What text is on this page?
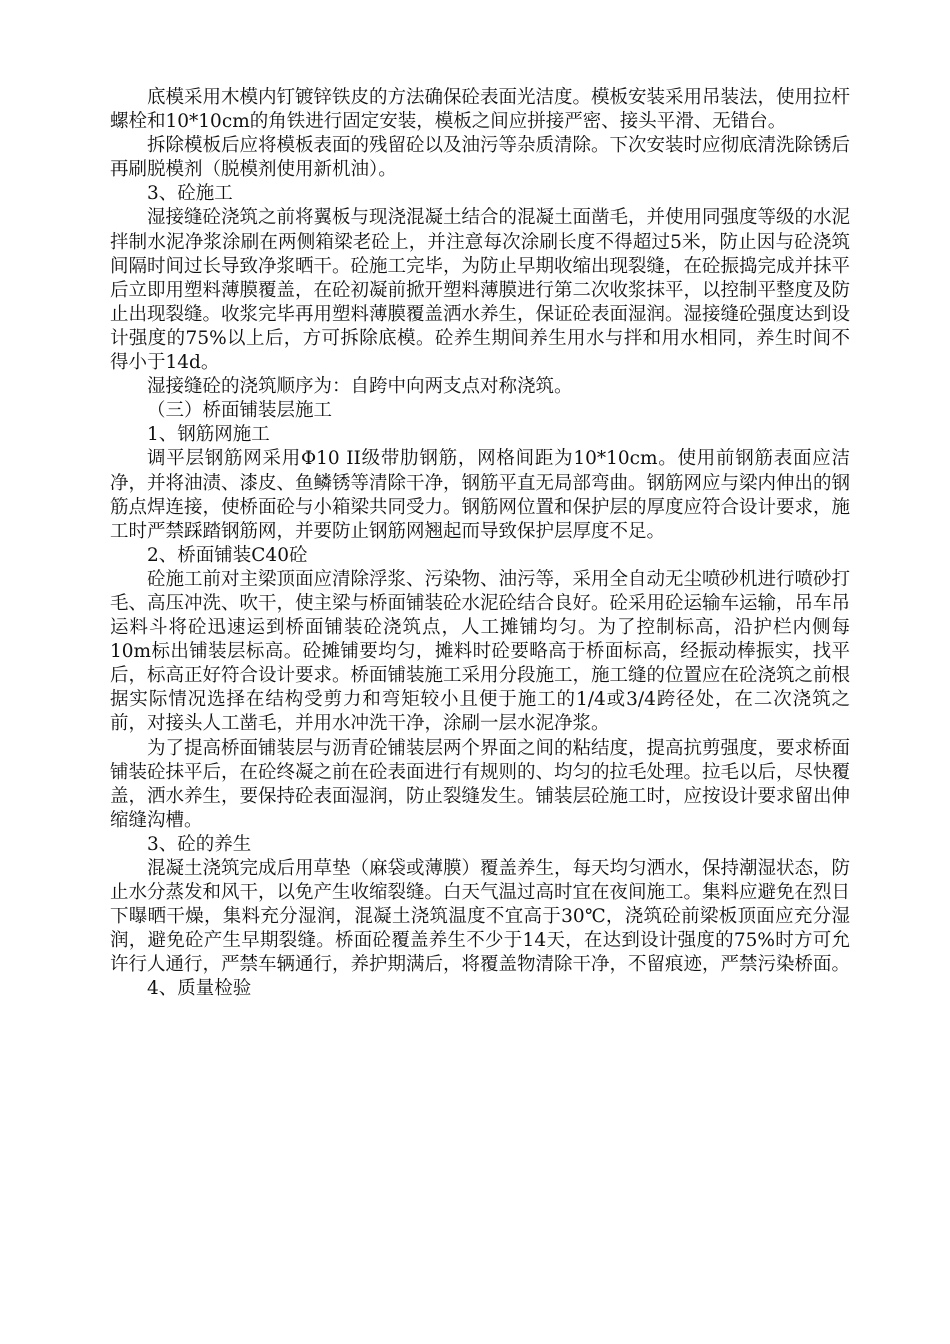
底模采用木模内钉镀锌铁皮的方法确保砼表面光洁度。模板安装采用吊装法，使用拉杆螺栓和10*10cm的角铁进行固定安装，模板之间应拼接严密、接头平滑、无错台。

拆除模板后应将模板表面的残留砼以及油污等杂质清除。下次安装时应彻底清洗除锈后再刷脱模剂（脱模剂使用新机油）。

3、砼施工

湿接缝砼浇筑之前将翼板与现浇混凝土结合的混凝土面凿毛，并使用同强度等级的水泥拌制水泥净浆涂刷在两侧箱梁老砼上，并注意每次涂刷长度不得超过5米，防止因与砼浇筑间隔时间过长导致净浆晒干。砼施工完毕，为防止早期收缩出现裂缝，在砼振捣完成并抹平后立即用塑料薄膜覆盖，在砼初凝前掀开塑料薄膜进行第二次收浆抹平，以控制平整度及防止出现裂缝。收浆完毕再用塑料薄膜覆盖洒水养生，保证砼表面湿润。湿接缝砼强度达到设计强度的75%以上后，方可拆除底模。砼养生期间养生用水与拌和用水相同，养生时间不得小于14d。

湿接缝砼的浇筑顺序为：自跨中向两支点对称浇筑。

（三）桥面铺装层施工

1、钢筋网施工

调平层钢筋网采用Φ10 II级带肋钢筋，网格间距为10*10cm。使用前钢筋表面应洁净，并将油渍、漆皮、鱼鳞锈等清除干净，钢筋平直无局部弯曲。钢筋网应与梁内伸出的钢筋点焊连接，使桥面砼与小箱梁共同受力。钢筋网位置和保护层的厚度应符合设计要求，施工时严禁踩踏钢筋网，并要防止钢筋网翘起而导致保护层厚度不足。

2、桥面铺装C40砼

砼施工前对主梁顶面应清除浮浆、污染物、油污等，采用全自动无尘喷砂机进行喷砂打毛、高压冲洗、吹干，使主梁与桥面铺装砼水泥砼结合良好。砼采用砼运输车运输，吊车吊运料斗将砼迅速运到桥面铺装砼浇筑点，人工摊铺均匀。为了控制标高，沿护栏内侧每10m标出铺装层标高。砼摊铺要均匀，摊料时砼要略高于桥面标高，经振动棒振实，找平后，标高正好符合设计要求。桥面铺装施工采用分段施工，施工缝的位置应在砼浇筑之前根据实际情况选择在结构受剪力和弯矩较小且便于施工的1/4或3/4跨径处，在二次浇筑之前，对接头人工凿毛，并用水冲洗干净，涂刷一层水泥净浆。

为了提高桥面铺装层与沥青砼铺装层两个界面之间的粘结度，提高抗剪强度，要求桥面铺装砼抹平后，在砼终凝之前在砼表面进行有规则的、均匀的拉毛处理。拉毛以后，尽快覆盖，洒水养生，要保持砼表面湿润，防止裂缝发生。铺装层砼施工时，应按设计要求留出伸缩缝沟槽。

3、砼的养生

混凝土浇筑完成后用草垫（麻袋或薄膜）覆盖养生，每天均匀洒水，保持潮湿状态，防止水分蒸发和风干，以免产生收缩裂缝。白天气温过高时宜在夜间施工。集料应避免在烈日下曝晒干燥，集料充分湿润，混凝土浇筑温度不宜高于30℃，浇筑砼前梁板顶面应充分湿润，避免砼产生早期裂缝。桥面砼覆盖养生不少于14天，在达到设计强度的75%时方可允许行人通行，严禁车辆通行，养护期满后，将覆盖物清除干净，不留痕迹，严禁污染桥面。

4、质量检验
